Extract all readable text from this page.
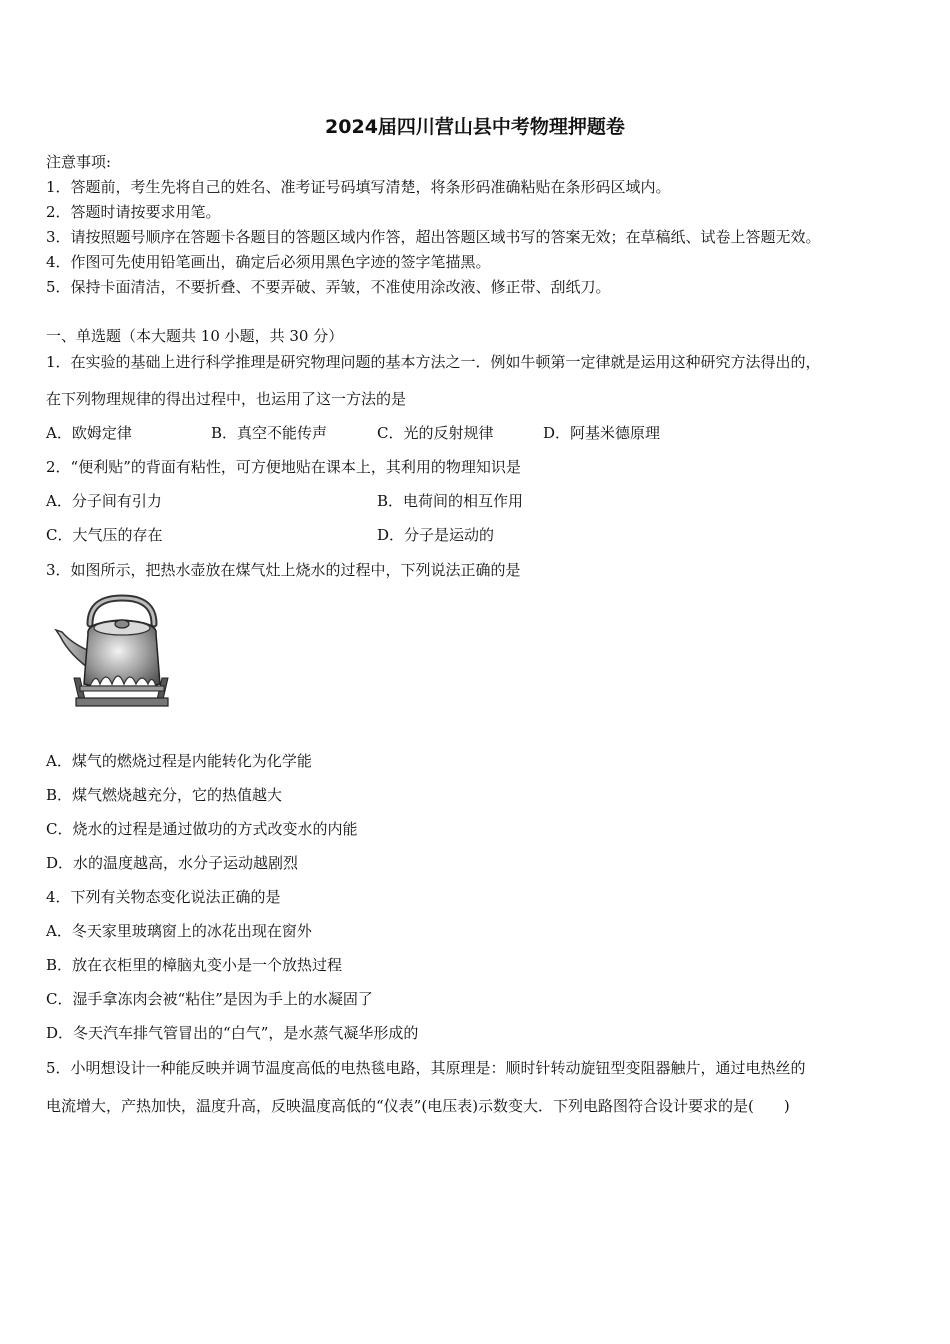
2024届四川营山县中考物理押题卷
注意事项:
1．答题前，考生先将自己的姓名、准考证号码填写清楚，将条形码准确粘贴在条形码区域内。
2．答题时请按要求用笔。
3．请按照题号顺序在答题卡各题目的答题区域内作答，超出答题区域书写的答案无效；在草稿纸、试卷上答题无效。
4．作图可先使用铅笔画出，确定后必须用黑色字迹的签字笔描黑。
5．保持卡面清洁，不要折叠、不要弄破、弄皱，不准使用涂改液、修正带、刮纸刀。
一、单选题（本大题共 10 小题，共 30 分）
1．在实验的基础上进行科学推理是研究物理问题的基本方法之一．例如牛顿第一定律就是运用这种研究方法得出的，
在下列物理规律的得出过程中，也运用了这一方法的是
A．欧姆定律	B．真空不能传声	C．光的反射规律	D．阿基米德原理
2．“便利贴”的背面有粘性，可方便地贴在课本上，其利用的物理知识是
A．分子间有引力	B．电荷间的相互作用
C．大气压的存在	D．分子是运动的
3．如图所示，把热水壶放在煤气灶上烧水的过程中，下列说法正确的是
A．煤气的燃烧过程是内能转化为化学能
B．煤气燃烧越充分，它的热值越大
C．烧水的过程是通过做功的方式改变水的内能
D．水的温度越高，水分子运动越剧烈
4．下列有关物态变化说法正确的是
A．冬天家里玻璃窗上的冰花出现在窗外
B．放在衣柜里的樟脑丸变小是一个放热过程
C．湿手拿冻肉会被“粘住”是因为手上的水凝固了
D．冬天汽车排气管冒出的“白气”，是水蒸气凝华形成的
5．小明想设计一种能反映并调节温度高低的电热毯电路，其原理是：顺时针转动旋钮型变阻器触片，通过电热丝的
电流增大，产热加快，温度升高，反映温度高低的“仪表”(电压表)示数变大．下列电路图符合设计要求的是(　　)
